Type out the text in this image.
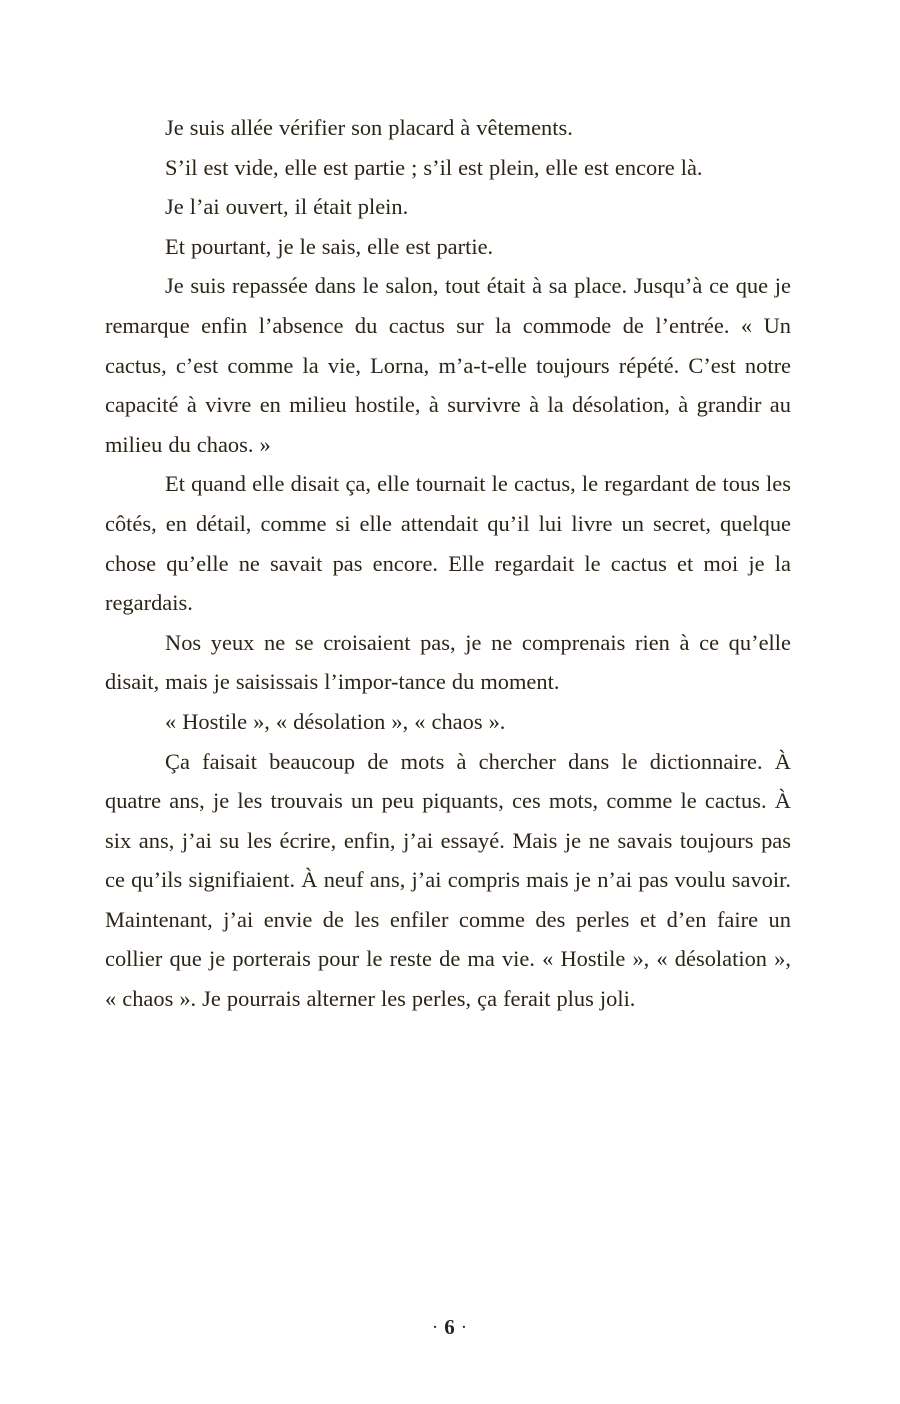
Je suis allée vérifier son placard à vêtements.

S’il est vide, elle est partie ; s’il est plein, elle est encore là.

Je l’ai ouvert, il était plein.

Et pourtant, je le sais, elle est partie.

Je suis repassée dans le salon, tout était à sa place. Jusqu’à ce que je remarque enfin l’absence du cactus sur la commode de l’entrée. « Un cactus, c’est comme la vie, Lorna, m’a-t-elle toujours répété. C’est notre capacité à vivre en milieu hostile, à survivre à la désolation, à grandir au milieu du chaos. »

Et quand elle disait ça, elle tournait le cactus, le regardant de tous les côtés, en détail, comme si elle attendait qu’il lui livre un secret, quelque chose qu’elle ne savait pas encore. Elle regardait le cactus et moi je la regardais.

Nos yeux ne se croisaient pas, je ne comprenais rien à ce qu’elle disait, mais je saisissais l’impor-tance du moment.

« Hostile », « désolation », « chaos ».

Ça faisait beaucoup de mots à chercher dans le dictionnaire. À quatre ans, je les trouvais un peu piquants, ces mots, comme le cactus. À six ans, j’ai su les écrire, enfin, j’ai essayé. Mais je ne savais toujours pas ce qu’ils signifiaient. À neuf ans, j’ai compris mais je n’ai pas voulu savoir. Maintenant, j’ai envie de les enfiler comme des perles et d’en faire un collier que je porterais pour le reste de ma vie. « Hostile », « désolation », « chaos ». Je pourrais alterner les perles, ça ferait plus joli.

· 6 ·
